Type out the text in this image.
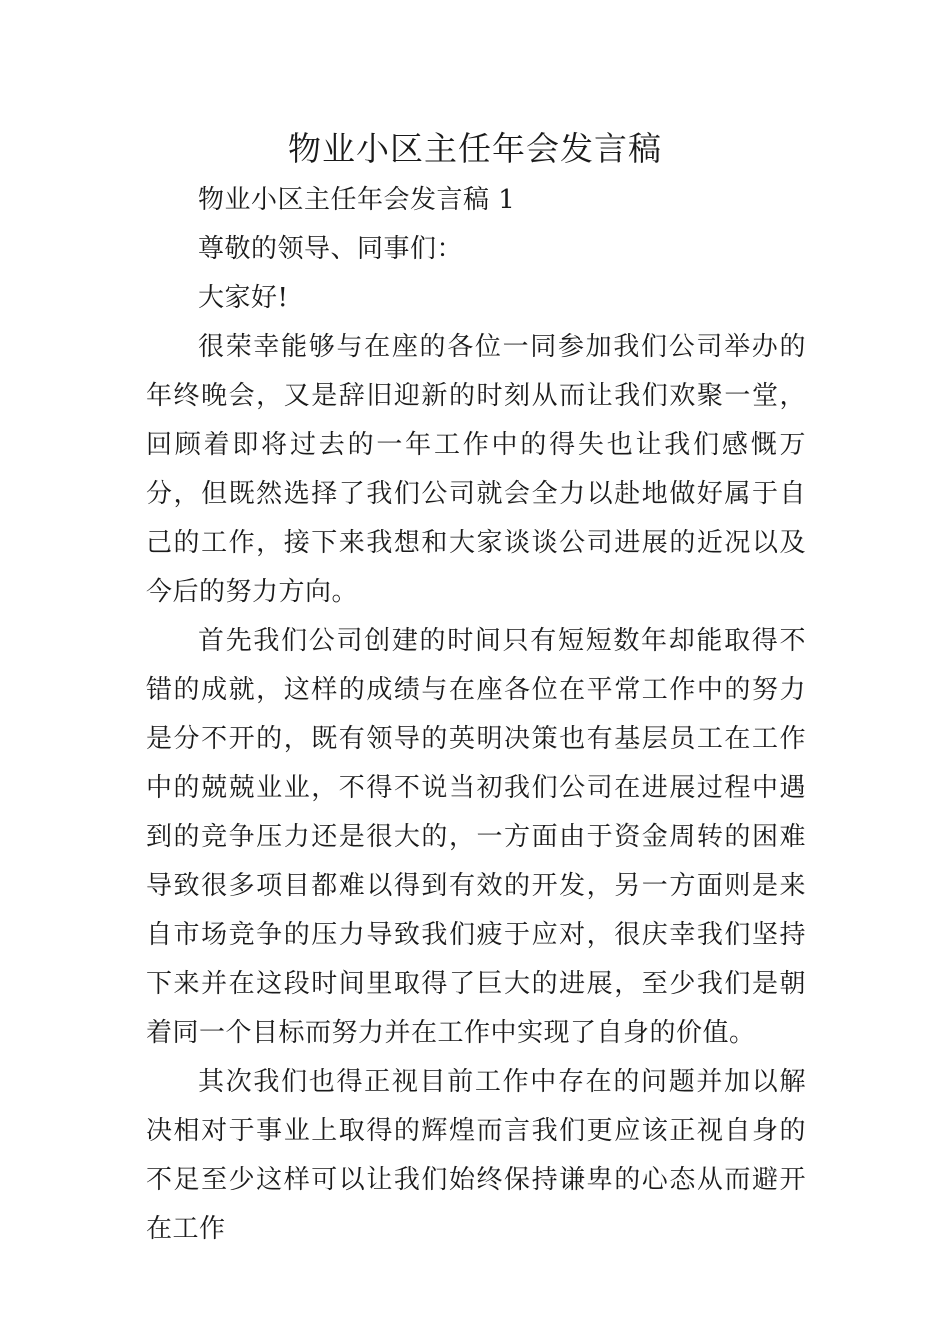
物业小区主任年会发言稿

物业小区主任年会发言稿 1

尊敬的领导、同事们：

大家好!

很荣幸能够与在座的各位一同参加我们公司举办的年终晚会，又是辞旧迎新的时刻从而让我们欢聚一堂，回顾着即将过去的一年工作中的得失也让我们感慨万分，但既然选择了我们公司就会全力以赴地做好属于自己的工作，接下来我想和大家谈谈公司进展的近况以及今后的努力方向。

首先我们公司创建的时间只有短短数年却能取得不错的成就，这样的成绩与在座各位在平常工作中的努力是分不开的，既有领导的英明决策也有基层员工在工作中的兢兢业业，不得不说当初我们公司在进展过程中遇到的竞争压力还是很大的，一方面由于资金周转的困难导致很多项目都难以得到有效的开发，另一方面则是来自市场竞争的压力导致我们疲于应对，很庆幸我们坚持下来并在这段时间里取得了巨大的进展，至少我们是朝着同一个目标而努力并在工作中实现了自身的价值。

其次我们也得正视目前工作中存在的问题并加以解决相对于事业上取得的辉煌而言我们更应该正视自身的不足至少这样可以让我们始终保持谦卑的心态从而避开在工作
